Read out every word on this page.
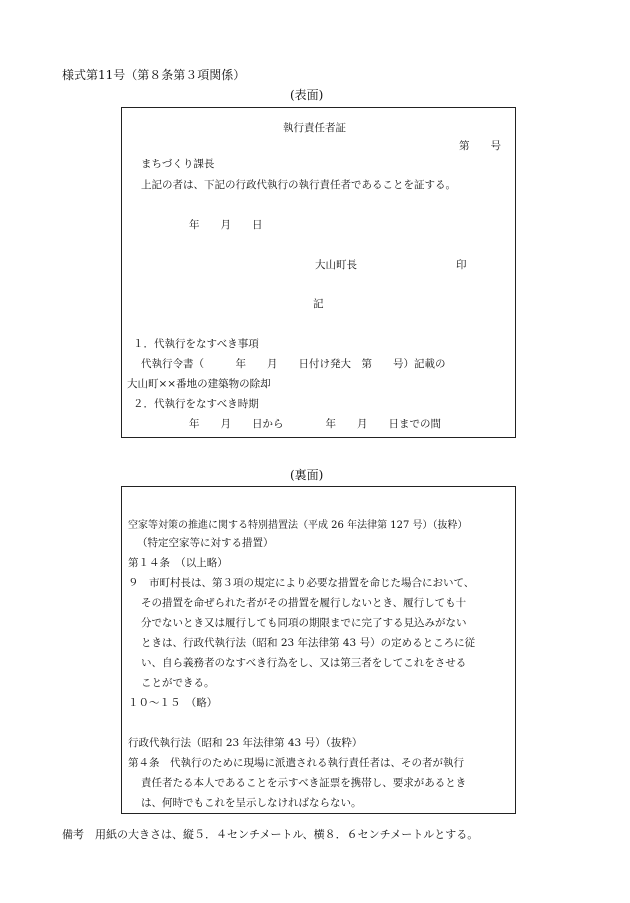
様式第11号（第８条第３項関係）
(表面)
執行責任者証
第　　号
まちづくり課長
上記の者は、下記の行政代執行の執行責任者であることを証する。
年　　月　　日
大山町長	印
記
１．代執行をなすべき事項
代執行令書（　　　年　　月　　日付け発大　第　　号）記載の
大山町××番地の建築物の除却
２．代執行をなすべき時期
年　　月　　日から　　　　年　　月　　日までの間
(裏面)
空家等対策の推進に関する特別措置法（平成 26 年法律第 127 号）（抜粋）
（特定空家等に対する措置）
第１４条　（以上略）
９　市町村長は、第３項の規定により必要な措置を命じた場合において、
その措置を命ぜられた者がその措置を履行しないとき、履行しても十
分でないとき又は履行しても同項の期限までに完了する見込みがない
ときは、行政代執行法（昭和 23 年法律第 43 号）の定めるところに従
い、自ら義務者のなすべき行為をし、又は第三者をしてこれをさせる
ことができる。
１０～１５　（略）
行政代執行法（昭和 23 年法律第 43 号）（抜粋）
第４条　代執行のために現場に派遣される執行責任者は、その者が執行
責任者たる本人であることを示すべき証票を携帯し、要求があるとき
は、何時でもこれを呈示しなければならない。
備考　用紙の大きさは、縦５．４センチメートル、横８．６センチメートルとする。
